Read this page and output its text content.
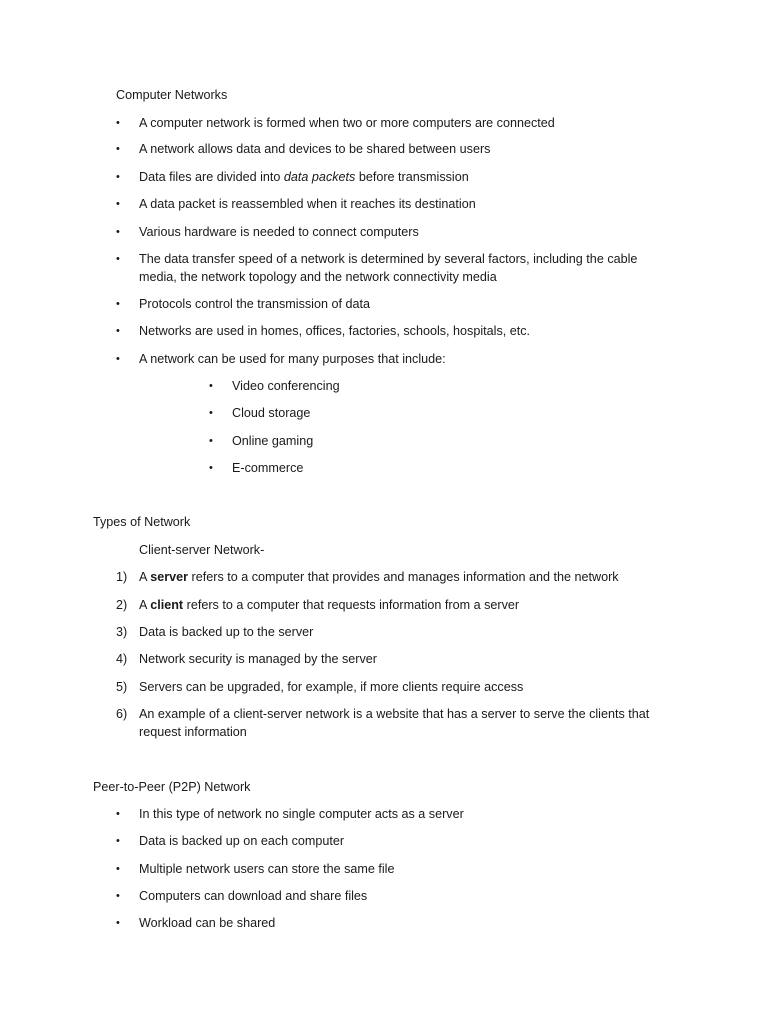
Computer Networks
• A computer network is formed when two or more computers are connected
• A network allows data and devices to be shared between users
• Data files are divided into data packets before transmission
• A data packet is reassembled when it reaches its destination
• Various hardware is needed to connect computers
• The data transfer speed of a network is determined by several factors, including the cable
media, the network topology and the network connectivity media
• Protocols control the transmission of data
• Networks are used in homes, offices, factories, schools, hospitals, etc.
• A network can be used for many purposes that include:
• Video conferencing
• Cloud storage
• Online gaming
• E-commerce
Types of Network
Client-server Network-
1) A server refers to a computer that provides and manages information and the network
2) A client refers to a computer that requests information from a server
3) Data is backed up to the server
4) Network security is managed by the server
5) Servers can be upgraded, for example, if more clients require access
6) An example of a client-server network is a website that has a server to serve the clients that
request information
Peer-to-Peer (P2P) Network
• In this type of network no single computer acts as a server
• Data is backed up on each computer
• Multiple network users can store the same file
• Computers can download and share files
• Workload can be shared
